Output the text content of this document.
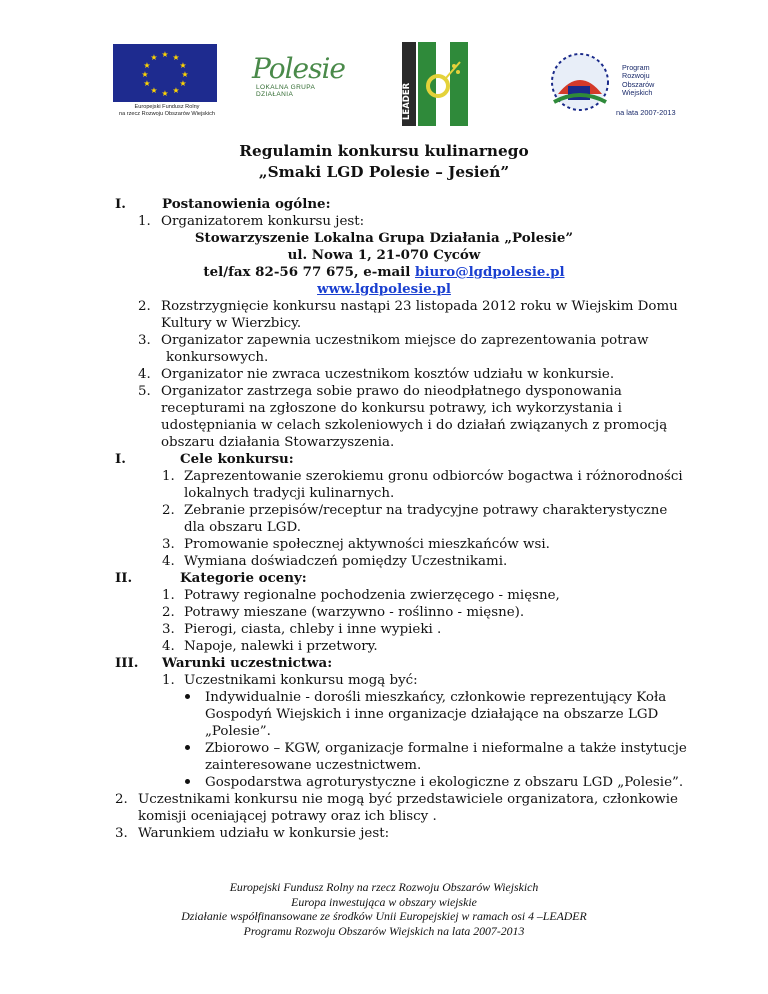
★ ★
★
★
★
★
★
★
★
★
★
★
Europejski Fundusz Rolny
na rzecz Rozwoju Obszarów Wiejskich
Polesie
LOKALNA GRUPA DZIAŁANIA	LEADER
Program
Rozwoju
Obszarów
Wiejskich
na lata 2007-2013
Regulamin konkursu kulinarnego
„Smaki LGD Polesie – Jesień”
I.	Postanowienia ogólne:
1. Organizatorem konkursu jest:
Stowarzyszenie Lokalna Grupa Działania „Polesie”
ul. Nowa 1, 21-070 Cyców
tel/fax 82-56 77 675, e-mail biuro@lgdpolesie.pl
www.lgdpolesie.pl
2. Rozstrzygnięcie konkursu nastąpi 23 listopada 2012 roku w Wiejskim Domu
Kultury w Wierzbicy.
3. Organizator zapewnia uczestnikom miejsce do zaprezentowania potraw
konkursowych.
4. Organizator nie zwraca uczestnikom kosztów udziału w konkursie.
5. Organizator zastrzega sobie prawo do nieodpłatnego dysponowania
recepturami na zgłoszone do konkursu potrawy, ich wykorzystania i
udostępniania w celach szkoleniowych i do działań związanych z promocją
obszaru działania Stowarzyszenia.
I.	Cele konkursu:
1. Zaprezentowanie szerokiemu gronu odbiorców bogactwa i różnorodności
lokalnych tradycji kulinarnych.
2. Zebranie przepisów/receptur na tradycyjne potrawy charakterystyczne
dla obszaru LGD.
3. Promowanie społecznej aktywności mieszkańców wsi.
4. Wymiana doświadczeń pomiędzy Uczestnikami.
II.	Kategorie oceny:
1. Potrawy regionalne pochodzenia zwierzęcego - mięsne,
2. Potrawy mieszane (warzywno - roślinno - mięsne).
3. Pierogi, ciasta, chleby i inne wypieki .
4. Napoje, nalewki i przetwory.
III. Warunki uczestnictwa:
1. Uczestnikami konkursu mogą być:
Indywidualnie - dorośli mieszkańcy, członkowie reprezentujący Koła
Gospodyń Wiejskich i inne organizacje działające na obszarze LGD
„Polesie”.
Zbiorowo – KGW, organizacje formalne i nieformalne a także instytucje
zainteresowane uczestnictwem.
Gospodarstwa agroturystyczne i ekologiczne z obszaru LGD „Polesie”.
2. Uczestnikami konkursu nie mogą być przedstawiciele organizatora, członkowie
komisji oceniającej potrawy oraz ich bliscy .
3. Warunkiem udziału w konkursie jest:
Europejski Fundusz Rolny na rzecz Rozwoju Obszarów Wiejskich
Europa inwestująca w obszary wiejskie
Działanie współfinansowane ze środków Unii Europejskiej w ramach osi 4 –LEADER
Programu Rozwoju Obszarów Wiejskich na lata 2007-2013
